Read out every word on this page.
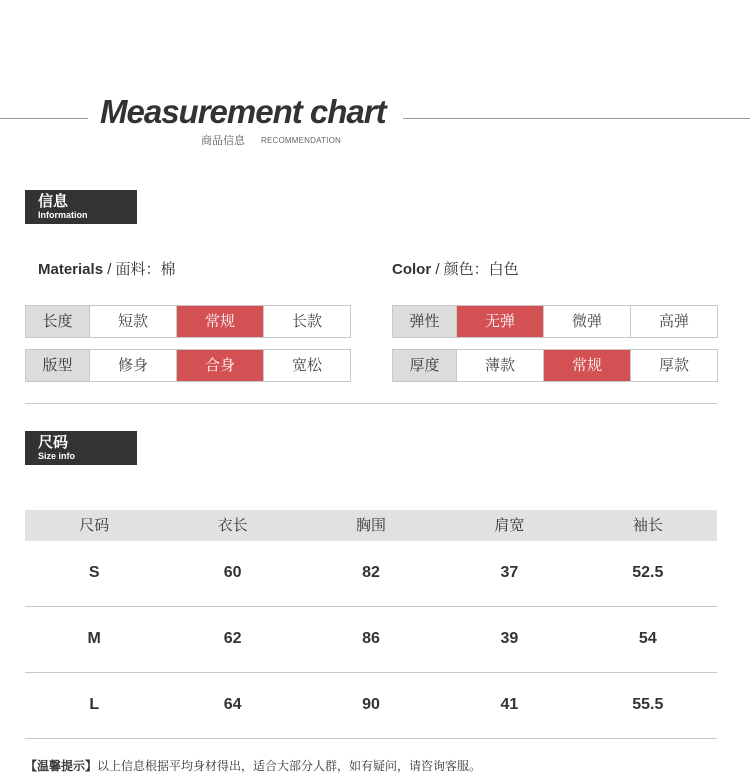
Measurement chart
商品信息 RECOMMENDATION
信息
Information
Materials / 面料：棉	Color / 颜色：白色
长度	短款	常规	长款
版型	修身	合身	宽松
弹性	无弹	微弹	高弹
厚度	薄款	常规	厚款
尺码
Size info
尺码	衣长	胸围	肩宽	袖长
S	60	82	37	52.5
M	62	86	39	54
L	64	90	41	55.5
【温馨提示】以上信息根据平均身材得出，适合大部分人群，如有疑问，请咨询客服。
